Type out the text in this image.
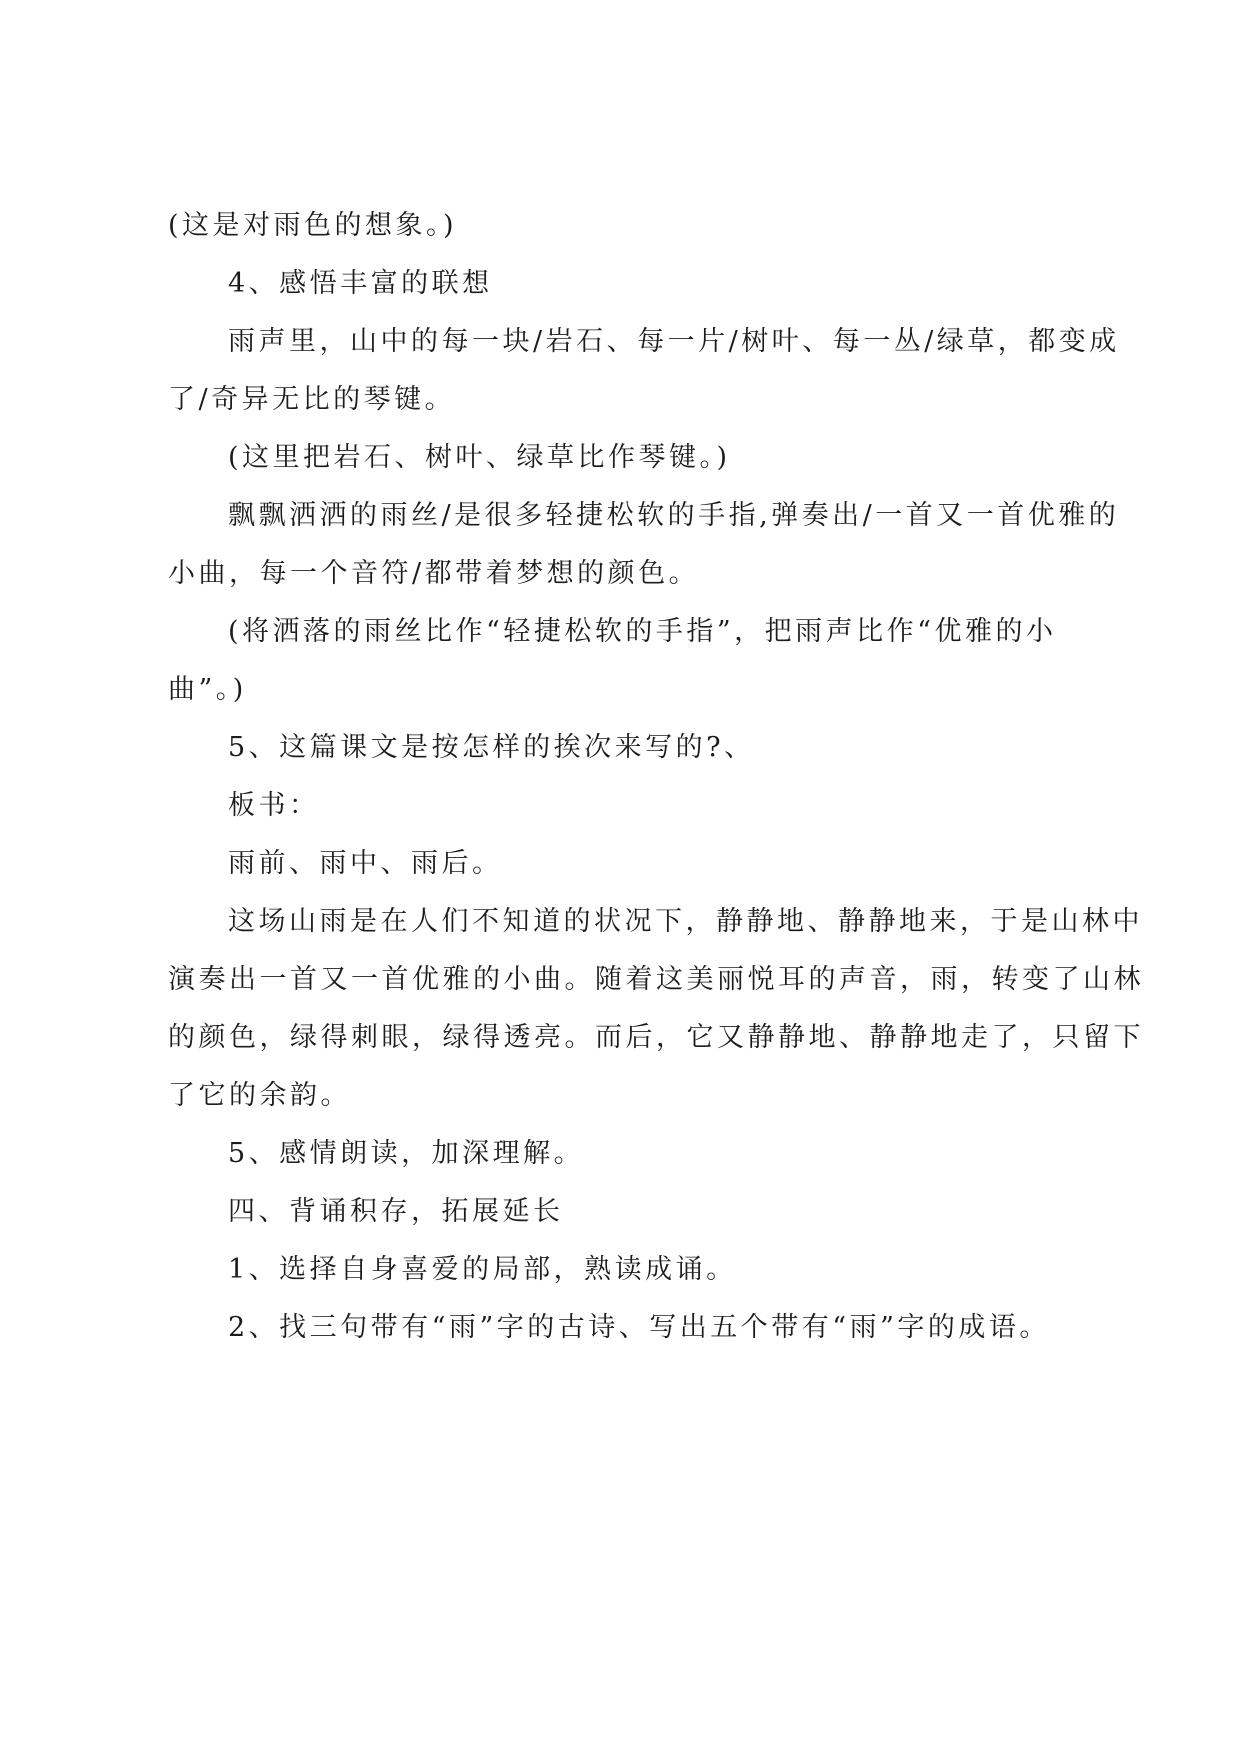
(这是对雨色的想象。)

4、感悟丰富的联想

雨声里，山中的每一块/岩石、每一片/树叶、每一丛/绿草，都变成

了/奇异无比的琴键。

(这里把岩石、树叶、绿草比作琴键。)

飘飘洒洒的雨丝/是很多轻捷松软的手指,弹奏出/一首又一首优雅的

小曲，每一个音符/都带着梦想的颜色。

(将洒落的雨丝比作“轻捷松软的手指”，把雨声比作“优雅的小

曲”。)

5、这篇课文是按怎样的挨次来写的?、

板书：

雨前、雨中、雨后。

这场山雨是在人们不知道的状况下，静静地、静静地来，于是山林中

演奏出一首又一首优雅的小曲。随着这美丽悦耳的声音，雨，转变了山林

的颜色，绿得刺眼，绿得透亮。而后，它又静静地、静静地走了，只留下

了它的余韵。

5、感情朗读，加深理解。

四、背诵积存，拓展延长

1、选择自身喜爱的局部，熟读成诵。

2、找三句带有“雨”字的古诗、写出五个带有“雨”字的成语。
